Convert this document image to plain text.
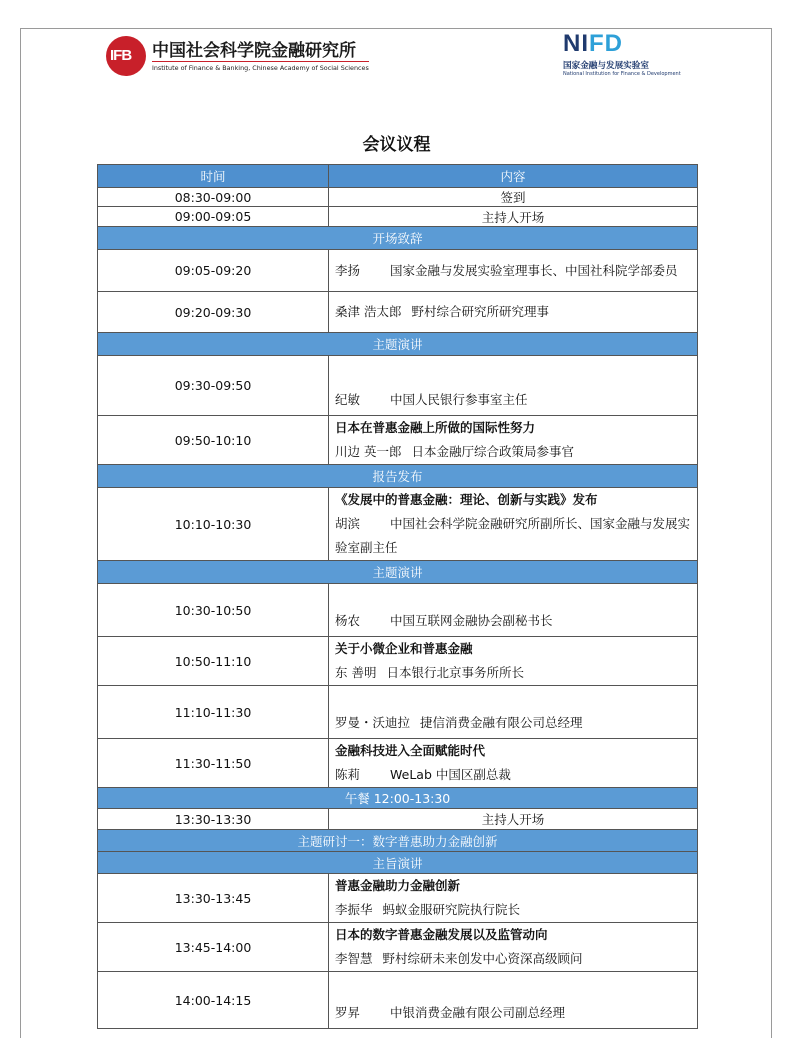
IFB 中国社会科学院金融研究所
Institute of Finance & Banking, Chinese Academy of Social Sciences
NIFD
国家金融与发展实验室
National Institution for Finance & Development
会议议程
时间	内容
08:30-09:00	签到
09:00-09:05	主持人开场
开场致辞	
09:05-09:20	李扬 国家金融与发展实验室理事长、中国社科院学部委员

09:20-09:30	桑津 浩太郎 野村综合研究所研究理事

主题演讲	
09:30-09:50	纪敏 中国人民银行参事室主任

09:50-10:10	日本在普惠金融上所做的国际性努力
川边 英一郎 日本金融厅综合政策局参事官

报告发布	
10:10-10:30	《发展中的普惠金融：理论、创新与实践》发布
胡滨 中国社会科学院金融研究所副所长、国家金融与发展实验室副主任

主题演讲	
10:30-10:50	杨农 中国互联网金融协会副秘书长

10:50-11:10	关于小微企业和普惠金融
东 善明 日本银行北京事务所所长

11:10-11:30	罗曼・沃迪拉 捷信消费金融有限公司总经理

11:30-11:50	金融科技进入全面赋能时代
陈莉 WeLab 中国区副总裁

午餐 12:00-13:30	
13:30-13:30	主持人开场
主题研讨一：数字普惠助力金融创新	
主旨演讲	
13:30-13:45	普惠金融助力金融创新
李振华 蚂蚁金服研究院执行院长

13:45-14:00	日本的数字普惠金融发展以及监管动向
李智慧 野村综研未来创发中心资深高级顾问

14:00-14:15	罗昇 中银消费金融有限公司副总经理
